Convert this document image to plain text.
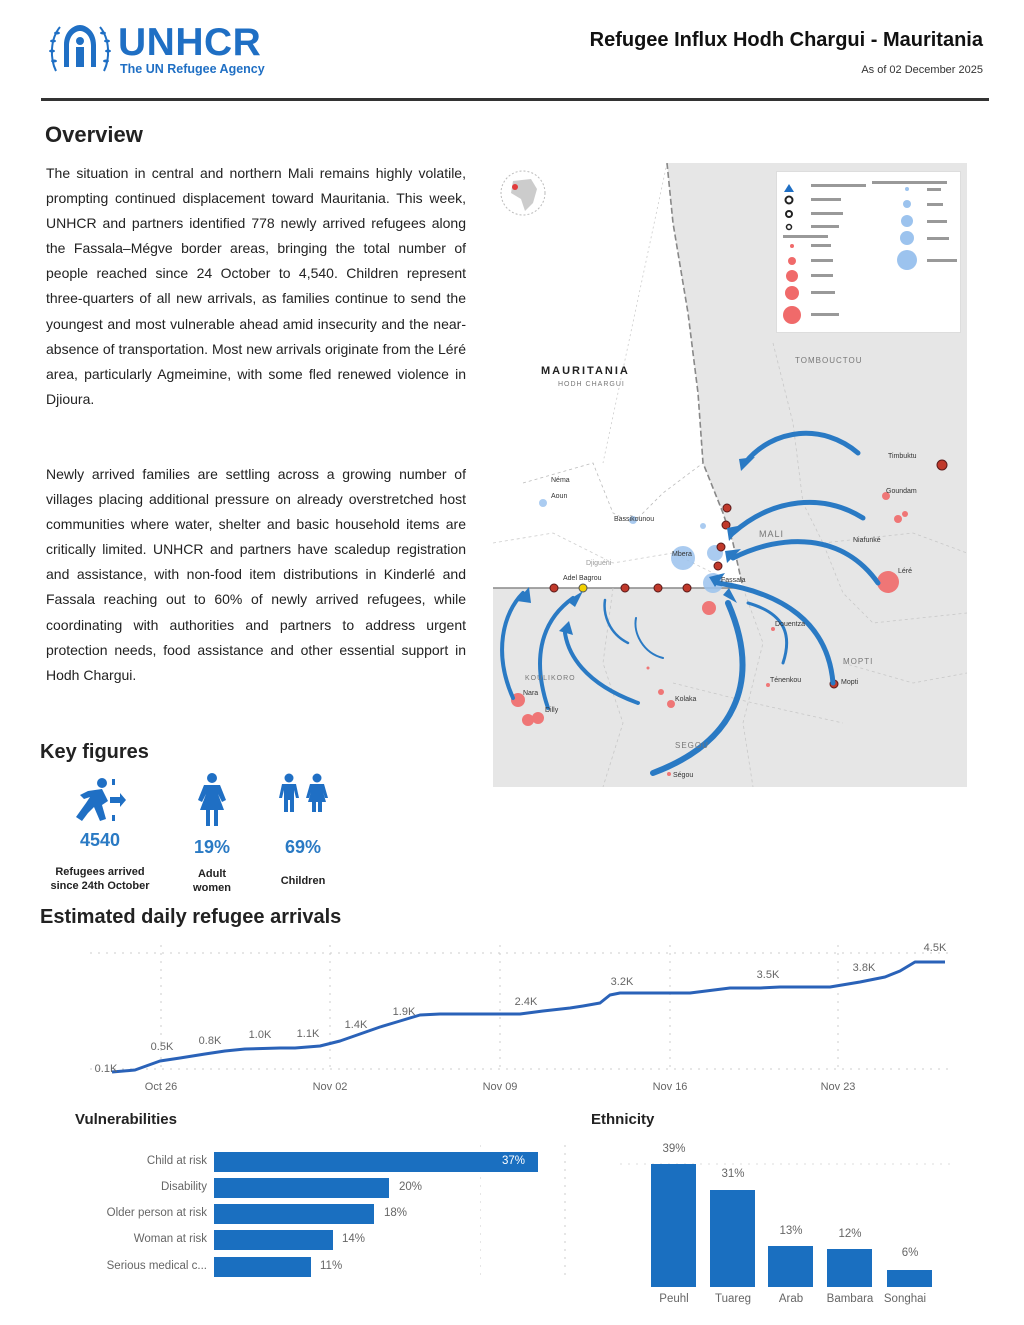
UNHCR
The UN Refugee Agency
Refugee Influx Hodh Chargui - Mauritania
As of 02 December 2025
Overview

The situation in central and northern Mali remains highly volatile, prompting continued displacement toward Mauritania. This week, UNHCR and partners identified 778 newly arrived refugees along the Fassala–Mégve border areas, bringing the total number of people reached since 24 October to 4,540. Children represent three-quarters of all new arrivals, as families continue to send the youngest and most vulnerable ahead amid insecurity and the near-absence of transportation. Most new arrivals originate from the Léré area, particularly Agmeimine, with some fled renewed violence in Djioura.

Newly arrived families are settling across a growing number of villages placing additional pressure on already overstretched host communities where water, shelter and basic household items are critically limited. UNHCR and partners have scaledup registration and assistance, with non-food item distributions in Kinderlé and Fassala reaching out to 60% of newly arrived refugees, while coordinating with authorities and partners to address urgent protection needs, food assistance and other essential support in Hodh Chargui.

MAURITANIA
HODH CHARGUI
MALI
TOMBOUCTOU
MOPTI
SEGOU
KOULIKORO
Timbuktu
Goundam
Niafunké
Léré
Mopti
Douentza
Ténenkou
Kolaka
Nara
Dilly
Fassala
Bassikounou
Mbera
Adel Bagrou
Djiguéni
Néma
Aoun
Ségou
Key figures
4540
Refugees arrived
since 24th October
19%
Adult
women
69%
Children
Estimated daily refugee arrivals
0.1K
0.5K 0.8K 1.0K 1.1K
1.4K
1.9K
2.4K
3.2K
3.5K
3.8K
4.5K
Oct 26	Nov 02	Nov 09	Nov 16	Nov 23
Vulnerabilities
Child at risk	37%
Disability	20%
Older person at risk	18%
Woman at risk	14%
Serious medical c...	11%
Ethnicity
39%
31%
13%	12%
6%
Peuhl Tuareg Arab Bambara Songhai
